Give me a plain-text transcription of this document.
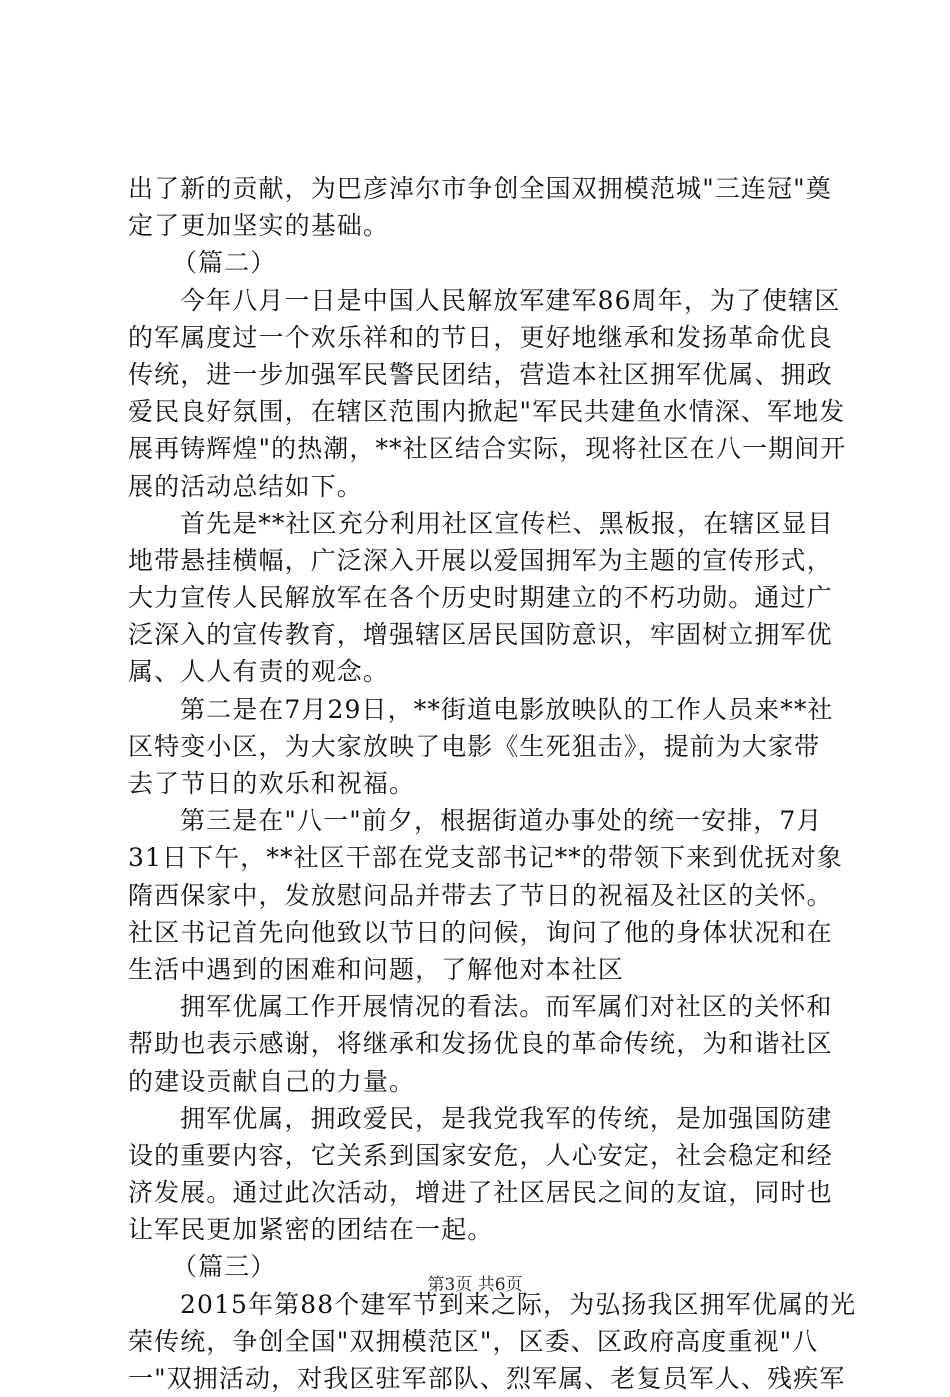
出了新的贡献，为巴彦淖尔市争创全国双拥模范城"三连冠"奠
定了更加坚实的基础。
（篇二）
今年八月一日是中国人民解放军建军86周年，为了使辖区
的军属度过一个欢乐祥和的节日，更好地继承和发扬革命优良
传统，进一步加强军民警民团结，营造本社区拥军优属、拥政
爱民良好氛围，在辖区范围内掀起"军民共建鱼水情深、军地发
展再铸辉煌"的热潮，**社区结合实际，现将社区在八一期间开
展的活动总结如下。
首先是**社区充分利用社区宣传栏、黑板报，在辖区显目
地带悬挂横幅，广泛深入开展以爱国拥军为主题的宣传形式，
大力宣传人民解放军在各个历史时期建立的不朽功勋。通过广
泛深入的宣传教育，增强辖区居民国防意识，牢固树立拥军优
属、人人有责的观念。
第二是在7月29日，**街道电影放映队的工作人员来**社
区特变小区，为大家放映了电影《生死狙击》，提前为大家带
去了节日的欢乐和祝福。
第三是在"八一"前夕，根据街道办事处的统一安排，7月
31日下午，**社区干部在党支部书记**的带领下来到优抚对象
隋西保家中，发放慰问品并带去了节日的祝福及社区的关怀。
社区书记首先向他致以节日的问候，询问了他的身体状况和在
生活中遇到的困难和问题，了解他对本社区
拥军优属工作开展情况的看法。而军属们对社区的关怀和
帮助也表示感谢，将继承和发扬优良的革命传统，为和谐社区
的建设贡献自己的力量。
拥军优属，拥政爱民，是我党我军的传统，是加强国防建
设的重要内容，它关系到国家安危，人心安定，社会稳定和经
济发展。通过此次活动，增进了社区居民之间的友谊，同时也
让军民更加紧密的团结在一起。
（篇三）
2015年第88个建军节到来之际，为弘扬我区拥军优属的光
荣传统，争创全国"双拥模范区"，区委、区政府高度重视"八
一"双拥活动，对我区驻军部队、烈军属、老复员军人、残疾军
第3页 共6页
